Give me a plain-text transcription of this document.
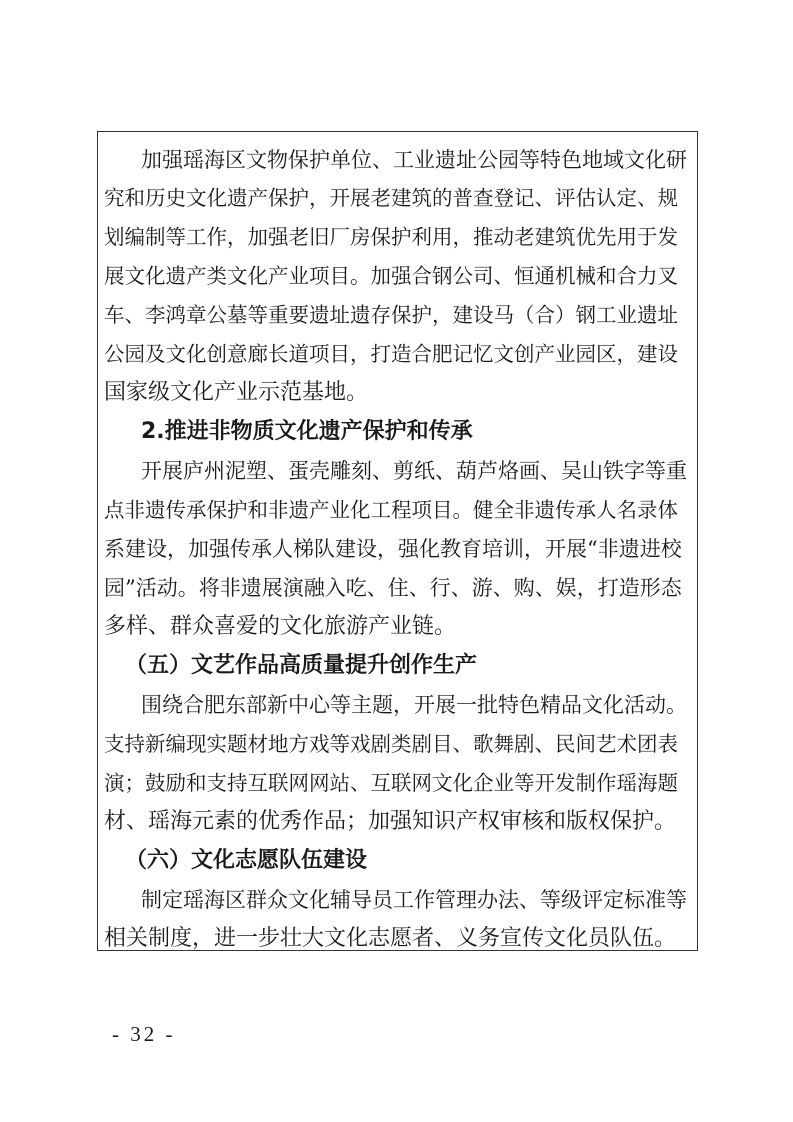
加强瑶海区文物保护单位、工业遗址公园等特色地域文化研
究和历史文化遗产保护，开展老建筑的普查登记、评估认定、规
划编制等工作，加强老旧厂房保护利用，推动老建筑优先用于发
展文化遗产类文化产业项目。加强合钢公司、恒通机械和合力叉
车、李鸿章公墓等重要遗址遗存保护，建设马（合）钢工业遗址
公园及文化创意廊长道项目，打造合肥记忆文创产业园区，建设
国家级文化产业示范基地。
2.推进非物质文化遗产保护和传承
开展庐州泥塑、蛋壳雕刻、剪纸、葫芦烙画、吴山铁字等重
点非遗传承保护和非遗产业化工程项目。健全非遗传承人名录体
系建设，加强传承人梯队建设，强化教育培训，开展“非遗进校
园”活动。将非遗展演融入吃、住、行、游、购、娱，打造形态
多样、群众喜爱的文化旅游产业链。
（五）文艺作品高质量提升创作生产
围绕合肥东部新中心等主题，开展一批特色精品文化活动。
支持新编现实题材地方戏等戏剧类剧目、歌舞剧、民间艺术团表
演；鼓励和支持互联网网站、互联网文化企业等开发制作瑶海题
材、瑶海元素的优秀作品；加强知识产权审核和版权保护。
（六）文化志愿队伍建设
制定瑶海区群众文化辅导员工作管理办法、等级评定标准等
相关制度，进一步壮大文化志愿者、义务宣传文化员队伍。
- 32 -
